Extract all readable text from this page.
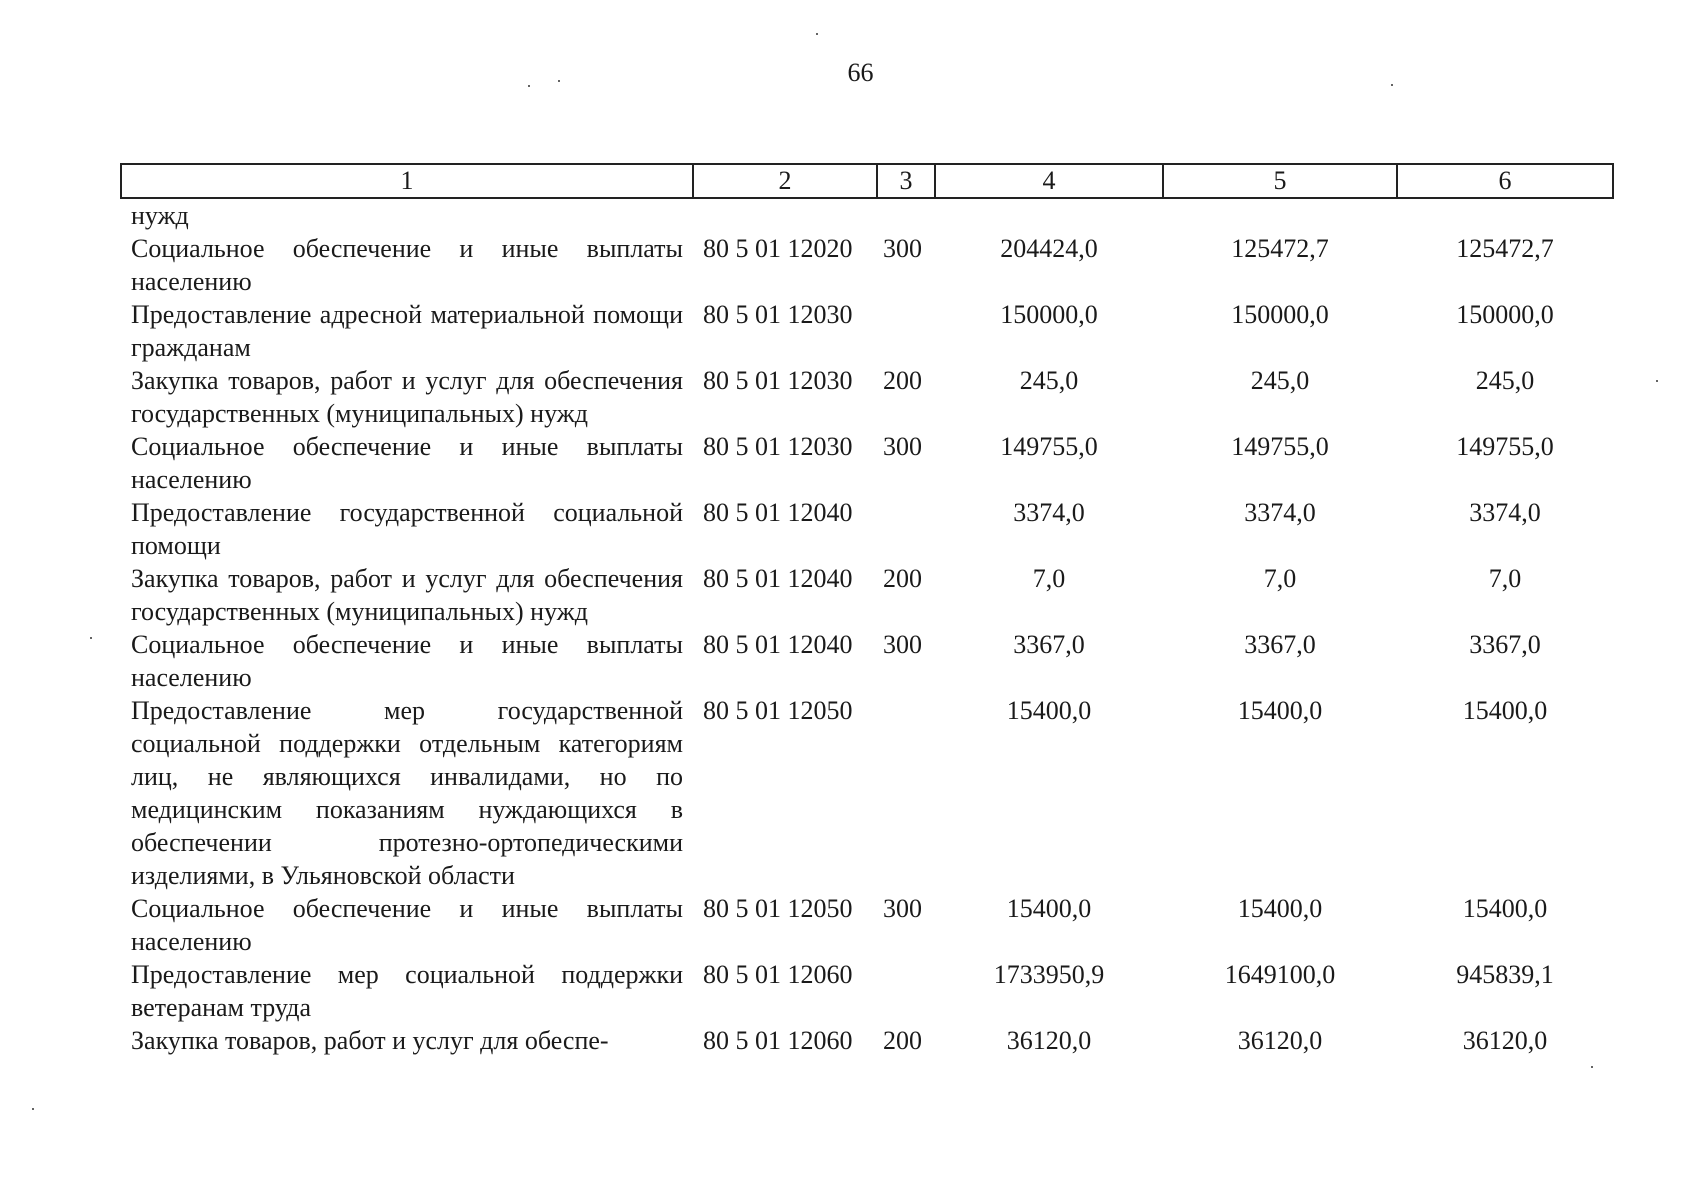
66
1	2	3	4	5	6
нужд					
Социальное обеспечение и иные выплаты населению	80 5 01 12020	300	204424,0	125472,7	125472,7
Предоставление адресной материальной помощи гражданам	80 5 01 12030		150000,0	150000,0	150000,0
Закупка товаров, работ и услуг для обеспечения государственных (муниципальных) нужд	80 5 01 12030	200	245,0	245,0	245,0
Социальное обеспечение и иные выплаты населению	80 5 01 12030	300	149755,0	149755,0	149755,0
Предоставление государственной социальной помощи	80 5 01 12040		3374,0	3374,0	3374,0
Закупка товаров, работ и услуг для обеспечения государственных (муниципальных) нужд	80 5 01 12040	200	7,0	7,0	7,0
Социальное обеспечение и иные выплаты населению	80 5 01 12040	300	3367,0	3367,0	3367,0
Предоставление мер государственной социальной поддержки отдельным категориям лиц, не являющихся инвалидами, но по медицинским показаниям нуждающихся в обеспечении протезно-ортопедическими изделиями, в Ульяновской области	80 5 01 12050		15400,0	15400,0	15400,0
Социальное обеспечение и иные выплаты населению	80 5 01 12050	300	15400,0	15400,0	15400,0
Предоставление мер социальной поддержки ветеранам труда	80 5 01 12060		1733950,9	1649100,0	945839,1
Закупка товаров, работ и услуг для обеспе-	80 5 01 12060	200	36120,0	36120,0	36120,0
